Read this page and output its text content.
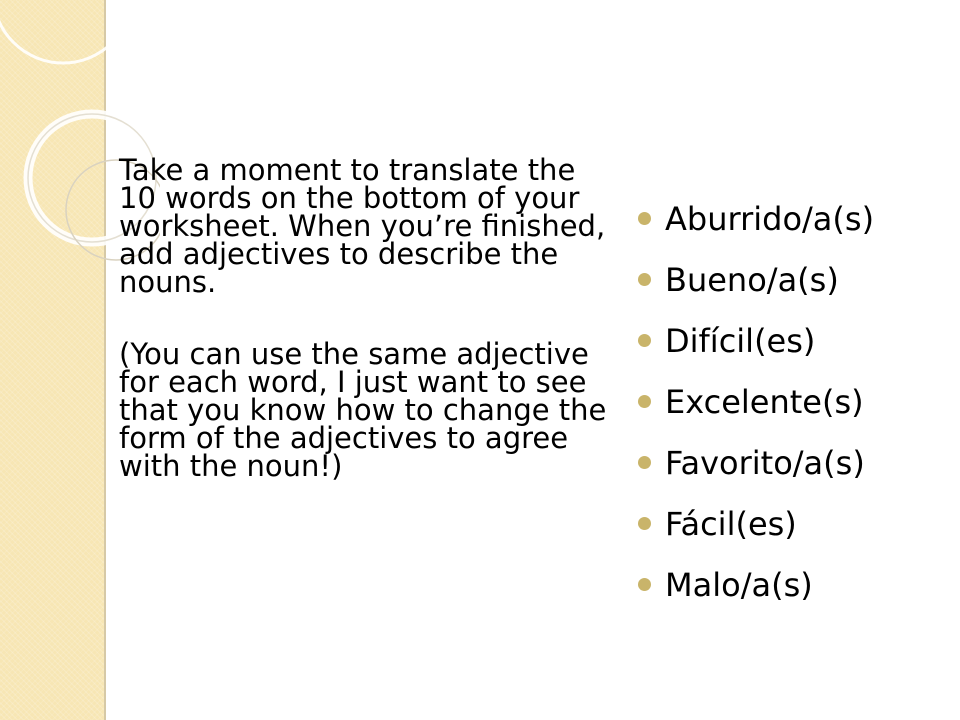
Take a moment to translate the 10 words on the bottom of your worksheet. When you’re finished, add adjectives to describe the nouns.

(You can use the same adjective for each word, I just want to see that you know how to change the form of the adjectives to agree with the noun!)

Aburrido/a(s)
Bueno/a(s)
Difícil(es)
Excelente(s)
Favorito/a(s)
Fácil(es)
Malo/a(s)
